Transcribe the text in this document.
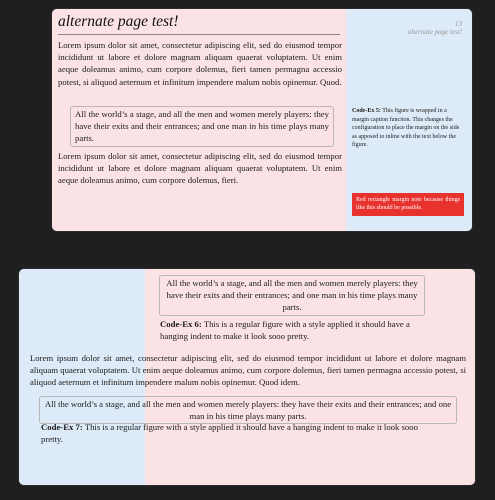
alternate page test!	13
alternate page test!
Lorem ipsum dolor sit amet, consectetur adipiscing elit, sed do eiusmod tempor incididunt ut labore et dolore magnam aliquam quaerat voluptatem. Ut enim aeque doleamus animo, cum corpore dolemus, fieri tamen permagna accessio potest, si aliquod aeternum et infinitum impendere malum nobis opinemur. Quod.
All the world’s a stage, and all the men and women merely players: they have their exits and their entrances; and one man in his time plays many parts.
Lorem ipsum dolor sit amet, consectetur adipiscing elit, sed do eiusmod tempor incididunt ut labore et dolore magnam aliquam quaerat voluptatem. Ut enim aeque doleamus animo, cum corpore dolemus, fieri.
Code-Ex 5: This figure is wrapped in a margin caption funciton. This changes the configuration to place the margin on the side as apposed to inline with the text below the figure.
Red rectangle margin note because things like this should be possible.
All the world’s a stage, and all the men and women merely players: they have their exits and their entrances; and one man in his time plays many parts.
Code-Ex 6: This is a regular figure with a style applied it should have a hanging indent to make it look sooo pretty.
Lorem ipsum dolor sit amet, consectetur adipiscing elit, sed do eiusmod tempor incididunt ut labore et dolore magnam aliquam quaerat voluptatem. Ut enim aeque doleamus animo, cum corpore dolemus, fieri tamen permagna accessio potest, si aliquod aeternum et infinitum impendere malum nobis opinemur. Quod idem.
All the world’s a stage, and all the men and women merely players: they have their exits and their entrances; and one man in his time plays many parts.
Code-Ex 7: This is a regular figure with a style applied it should have a hanging indent to make it look sooo pretty.
